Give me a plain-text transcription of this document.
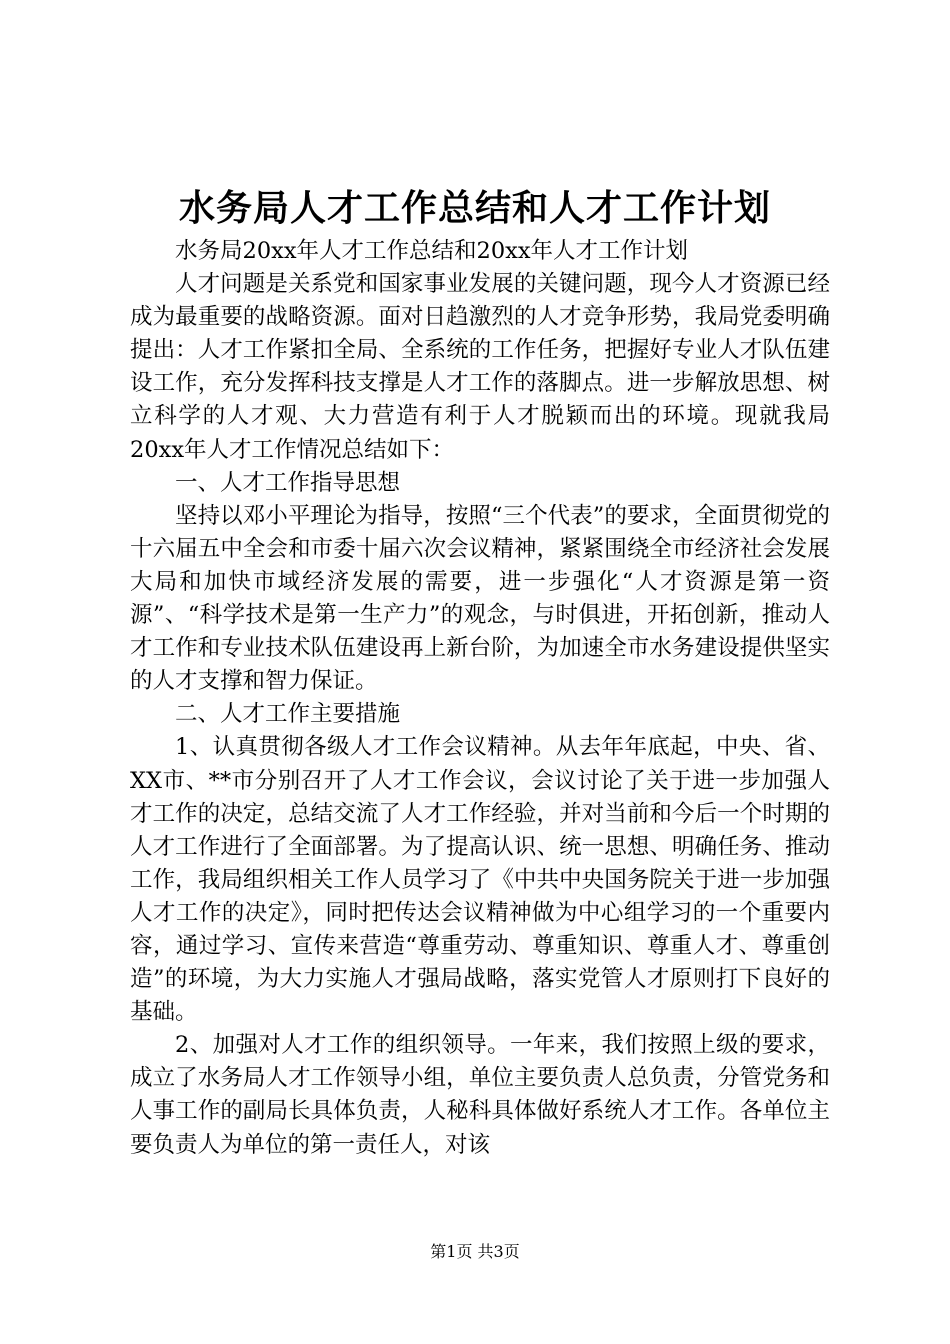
水务局人才工作总结和人才工作计划

水务局20xx年人才工作总结和20xx年人才工作计划

人才问题是关系党和国家事业发展的关键问题，现今人才资源已经成为最重要的战略资源。面对日趋激烈的人才竞争形势，我局党委明确提出：人才工作紧扣全局、全系统的工作任务，把握好专业人才队伍建设工作，充分发挥科技支撑是人才工作的落脚点。进一步解放思想、树立科学的人才观、大力营造有利于人才脱颖而出的环境。现就我局20xx年人才工作情况总结如下：

一、人才工作指导思想

坚持以邓小平理论为指导，按照“三个代表”的要求，全面贯彻党的十六届五中全会和市委十届六次会议精神，紧紧围绕全市经济社会发展大局和加快市域经济发展的需要，进一步强化“人才资源是第一资源”、“科学技术是第一生产力”的观念，与时俱进，开拓创新，推动人才工作和专业技术队伍建设再上新台阶，为加速全市水务建设提供坚实的人才支撑和智力保证。

二、人才工作主要措施

1、认真贯彻各级人才工作会议精神。从去年年底起，中央、省、XX市、**市分别召开了人才工作会议，会议讨论了关于进一步加强人才工作的决定，总结交流了人才工作经验，并对当前和今后一个时期的人才工作进行了全面部署。为了提高认识、统一思想、明确任务、推动工作，我局组织相关工作人员学习了《中共中央国务院关于进一步加强人才工作的决定》，同时把传达会议精神做为中心组学习的一个重要内容，通过学习、宣传来营造“尊重劳动、尊重知识、尊重人才、尊重创造”的环境，为大力实施人才强局战略，落实党管人才原则打下良好的基础。

2、加强对人才工作的组织领导。一年来，我们按照上级的要求，成立了水务局人才工作领导小组，单位主要负责人总负责，分管党务和人事工作的副局长具体负责，人秘科具体做好系统人才工作。各单位主要负责人为单位的第一责任人，对该

第1页 共3页
